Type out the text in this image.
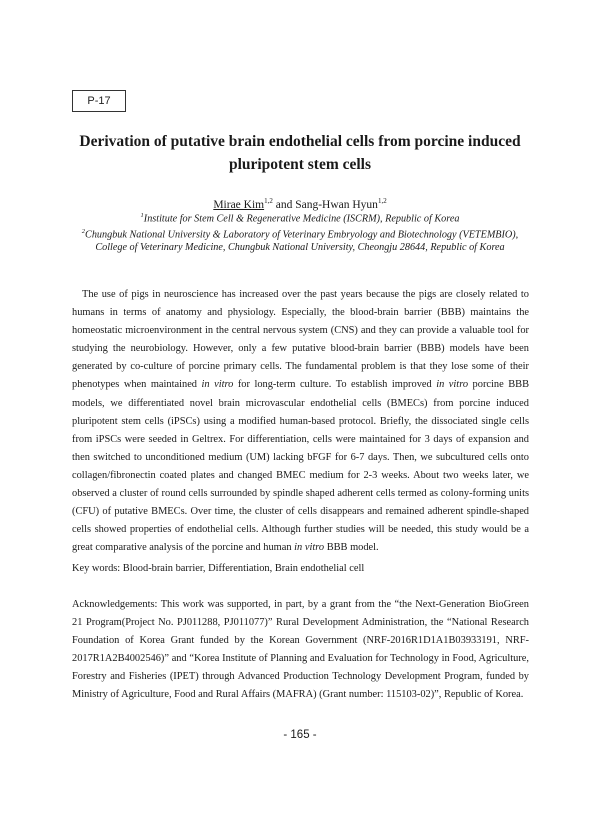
P-17
Derivation of putative brain endothelial cells from porcine induced
pluripotent stem cells
Mirae Kim$^{1,2}$ and Sang-Hwan Hyun$^{1,2}$
$^1$Institute for Stem Cell & Regenerative Medicine (ISCRM), Republic of Korea
$^2$Chungbuk National University & Laboratory of Veterinary Embryology and Biotechnology (VETEMBIO),
College of Veterinary Medicine, Chungbuk National University, Cheongju 28644, Republic of Korea

The use of pigs in neuroscience has increased over the past years because the pigs are closely related to humans in terms of anatomy and physiology. Especially, the blood-brain barrier (BBB) maintains the homeostatic microenvironment in the central nervous system (CNS) and they can provide a valuable tool for studying the neurobiology. However, only a few putative blood-brain barrier (BBB) models have been generated by co-culture of porcine primary cells. The fundamental problem is that they lose some of their phenotypes when maintained in vitro for long-term culture. To establish improved in vitro porcine BBB models, we differentiated novel brain microvascular endothelial cells (BMECs) from porcine induced pluripotent stem cells (iPSCs) using a modified human-based protocol. Briefly, the dissociated single cells from iPSCs were seeded in Geltrex. For differentiation, cells were maintained for 3 days of expansion and then switched to unconditioned medium (UM) lacking bFGF for 6-7 days. Then, we subcultured cells onto collagen/fibronectin coated plates and changed BMEC medium for 2-3 weeks. About two weeks later, we observed a cluster of round cells surrounded by spindle shaped adherent cells termed as colony-forming units (CFU) of putative BMECs. Over time, the cluster of cells disappears and remained adherent spindle-shaped cells showed properties of endothelial cells. Although further studies will be needed, this study would be a great comparative analysis of the porcine and human in vitro BBB model.

Key words: Blood-brain barrier, Differentiation, Brain endothelial cell

Acknowledgements: This work was supported, in part, by a grant from the “the Next-Generation BioGreen 21 Program(Project No. PJ011288, PJ011077)” Rural Development Administration, the “National Research Foundation of Korea Grant funded by the Korean Government (NRF-2016R1D1A1B03933191, NRF-2017R1A2B4002546)” and “Korea Institute of Planning and Evaluation for Technology in Food, Agriculture, Forestry and Fisheries (IPET) through Advanced Production Technology Development Program, funded by Ministry of Agriculture, Food and Rural Affairs (MAFRA) (Grant number: 115103-02)”, Republic of Korea.

- 165 -
